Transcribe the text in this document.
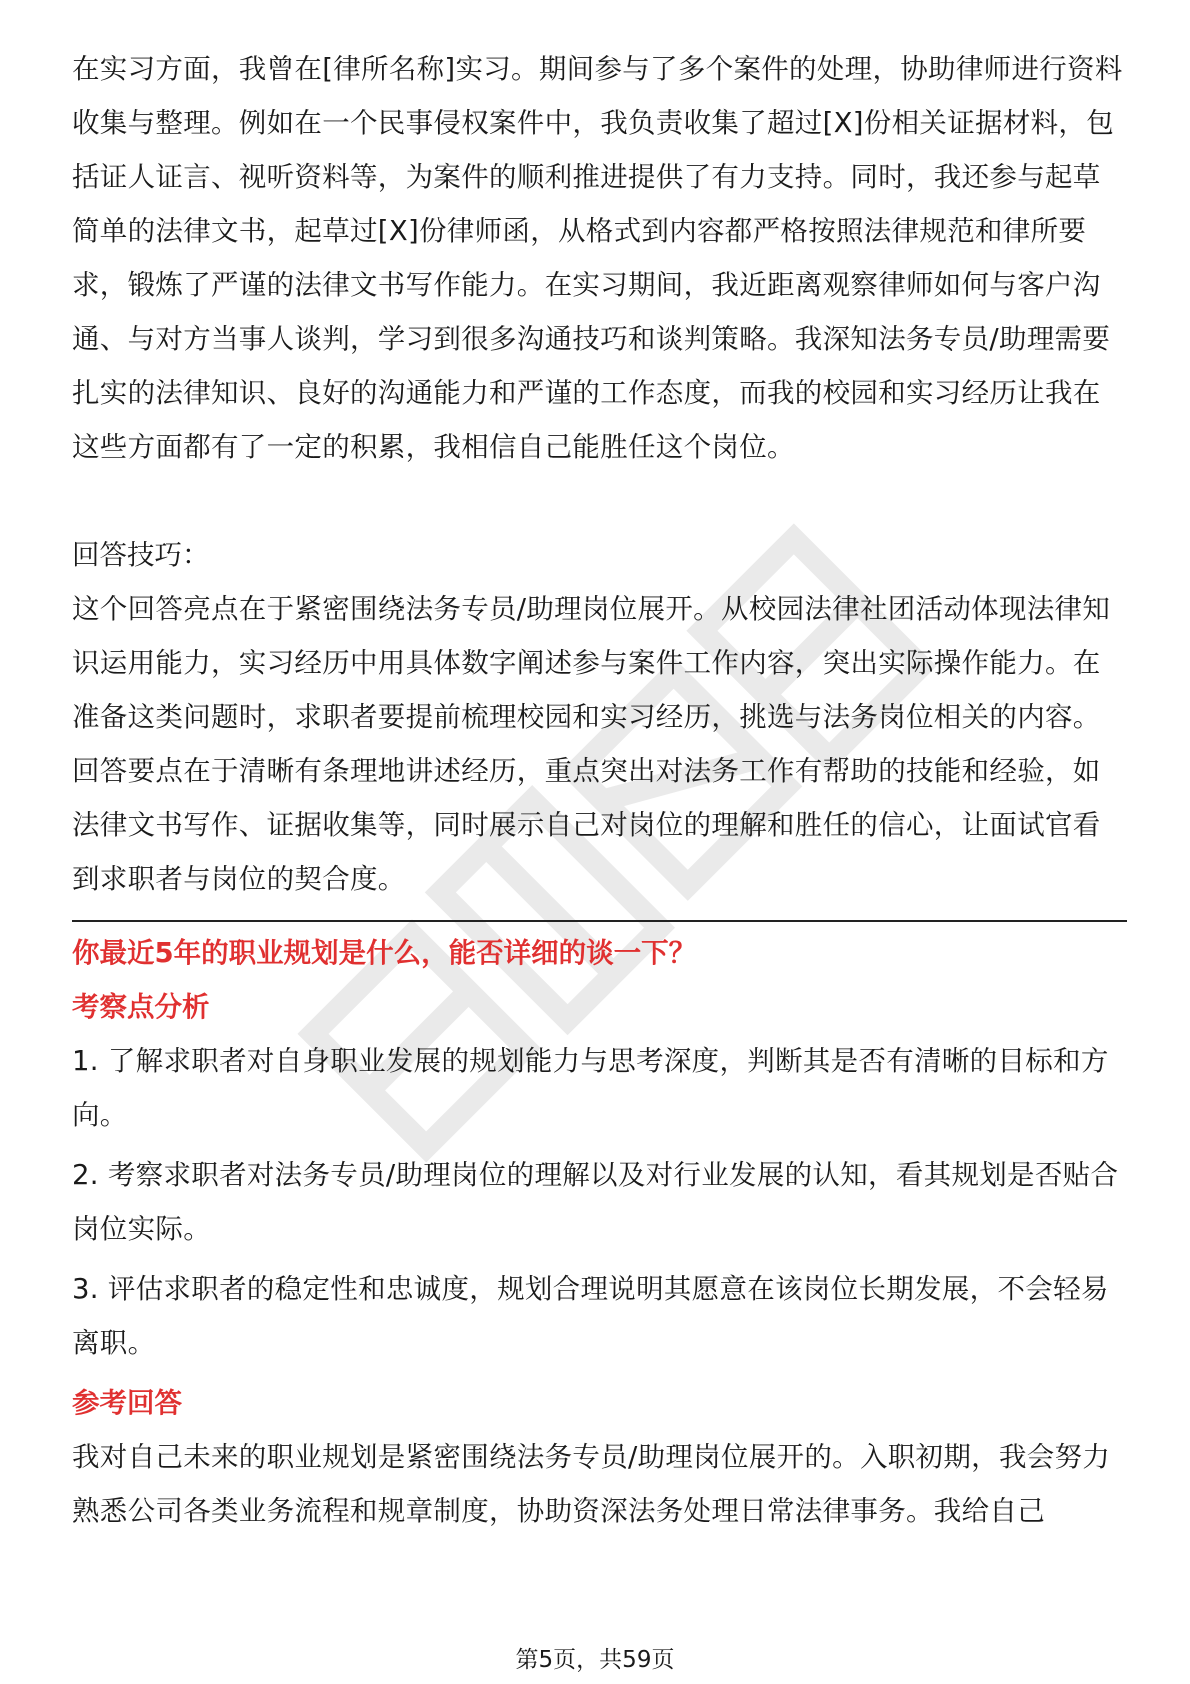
在实习方面，我曾在[律所名称]实习。期间参与了多个案件的处理，协助律师进行资料收集与整理。例如在一个民事侵权案件中，我负责收集了超过[X]份相关证据材料，包括证人证言、视听资料等，为案件的顺利推进提供了有力支持。同时，我还参与起草简单的法律文书，起草过[X]份律师函，从格式到内容都严格按照法律规范和律所要求，锻炼了严谨的法律文书写作能力。在实习期间，我近距离观察律师如何与客户沟通、与对方当事人谈判，学习到很多沟通技巧和谈判策略。我深知法务专员/助理需要扎实的法律知识、良好的沟通能力和严谨的工作态度，而我的校园和实习经历让我在这些方面都有了一定的积累，我相信自己能胜任这个岗位。

回答技巧：

这个回答亮点在于紧密围绕法务专员/助理岗位展开。从校园法律社团活动体现法律知识运用能力，实习经历中用具体数字阐述参与案件工作内容，突出实际操作能力。在准备这类问题时，求职者要提前梳理校园和实习经历，挑选与法务岗位相关的内容。回答要点在于清晰有条理地讲述经历，重点突出对法务工作有帮助的技能和经验，如法律文书写作、证据收集等，同时展示自己对岗位的理解和胜任的信心，让面试官看到求职者与岗位的契合度。

你最近5年的职业规划是什么，能否详细的谈一下？

考察点分析

1. 了解求职者对自身职业发展的规划能力与思考深度，判断其是否有清晰的目标和方向。

2. 考察求职者对法务专员/助理岗位的理解以及对行业发展的认知，看其规划是否贴合岗位实际。

3. 评估求职者的稳定性和忠诚度，规划合理说明其愿意在该岗位长期发展，不会轻易离职。

参考回答

我对自己未来的职业规划是紧密围绕法务专员/助理岗位展开的。入职初期，我会努力熟悉公司各类业务流程和规章制度，协助资深法务处理日常法律事务。我给自己

第5页，共59页
